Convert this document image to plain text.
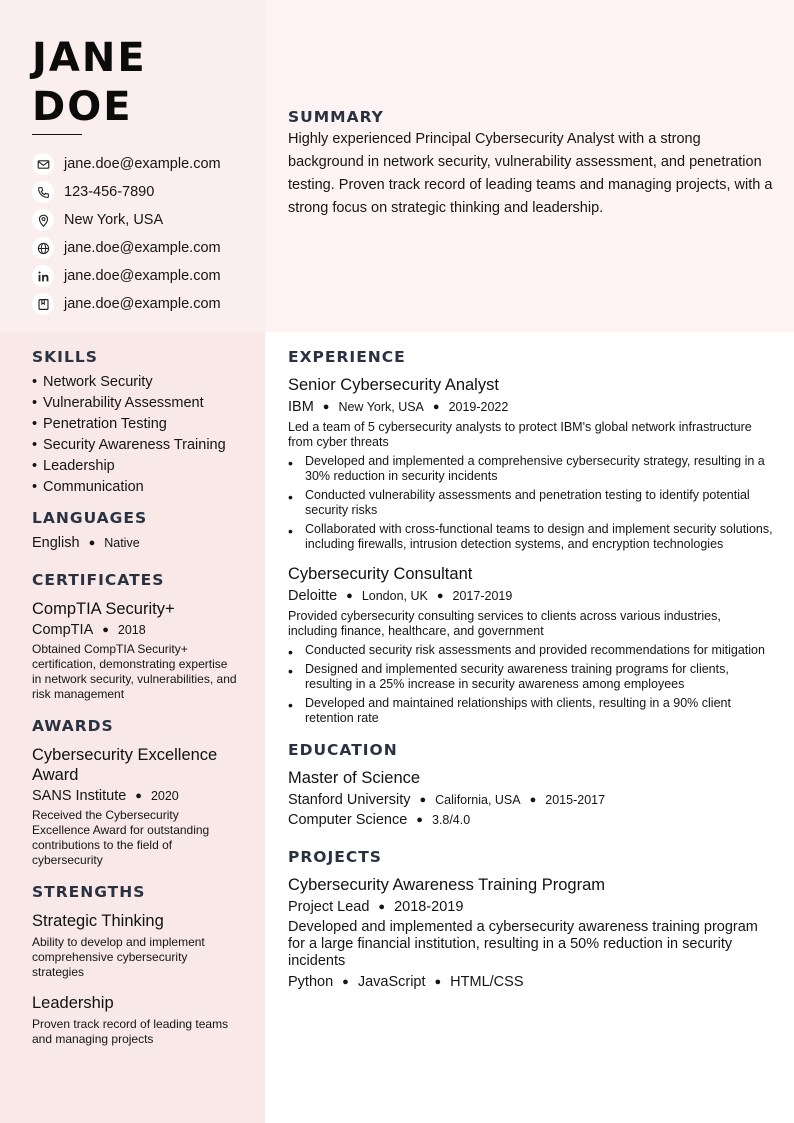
JANE
DOE
jane.doe@example.com
123-456-7890
New York, USA
jane.doe@example.com
jane.doe@example.com
jane.doe@example.com
SUMMARY

Highly experienced Principal Cybersecurity Analyst with a strong background in network security, vulnerability assessment, and penetration testing. Proven track record of leading teams and managing projects, with a strong focus on strategic thinking and leadership.

SKILLS
• Network Security
• Vulnerability Assessment
• Penetration Testing
• Security Awareness Training
• Leadership
• Communication
LANGUAGES
English ● Native
CERTIFICATES
CompTIA Security+
CompTIA ● 2018
Obtained CompTIA Security+ certification, demonstrating expertise in network security, vulnerabilities, and risk management
AWARDS
Cybersecurity Excellence Award
SANS Institute ● 2020
Received the Cybersecurity Excellence Award for outstanding contributions to the field of cybersecurity
STRENGTHS
Strategic Thinking
Ability to develop and implement comprehensive cybersecurity strategies
Leadership
Proven track record of leading teams and managing projects
EXPERIENCE
Senior Cybersecurity Analyst
IBM ● New York, USA ● 2019-2022
Led a team of 5 cybersecurity analysts to protect IBM's global network infrastructure from cyber threats
• Developed and implemented a comprehensive cybersecurity strategy, resulting in a 30% reduction in security incidents
• Conducted vulnerability assessments and penetration testing to identify potential security risks
• Collaborated with cross-functional teams to design and implement security solutions, including firewalls, intrusion detection systems, and encryption technologies
Cybersecurity Consultant
Deloitte ● London, UK ● 2017-2019
Provided cybersecurity consulting services to clients across various industries, including finance, healthcare, and government
• Conducted security risk assessments and provided recommendations for mitigation
• Designed and implemented security awareness training programs for clients, resulting in a 25% increase in security awareness among employees
• Developed and maintained relationships with clients, resulting in a 90% client retention rate
EDUCATION
Master of Science
Stanford University ● California, USA ● 2015-2017
Computer Science ● 3.8/4.0
PROJECTS
Cybersecurity Awareness Training Program
Project Lead ● 2018-2019
Developed and implemented a cybersecurity awareness training program for a large financial institution, resulting in a 50% reduction in security incidents
Python ● JavaScript ● HTML/CSS
